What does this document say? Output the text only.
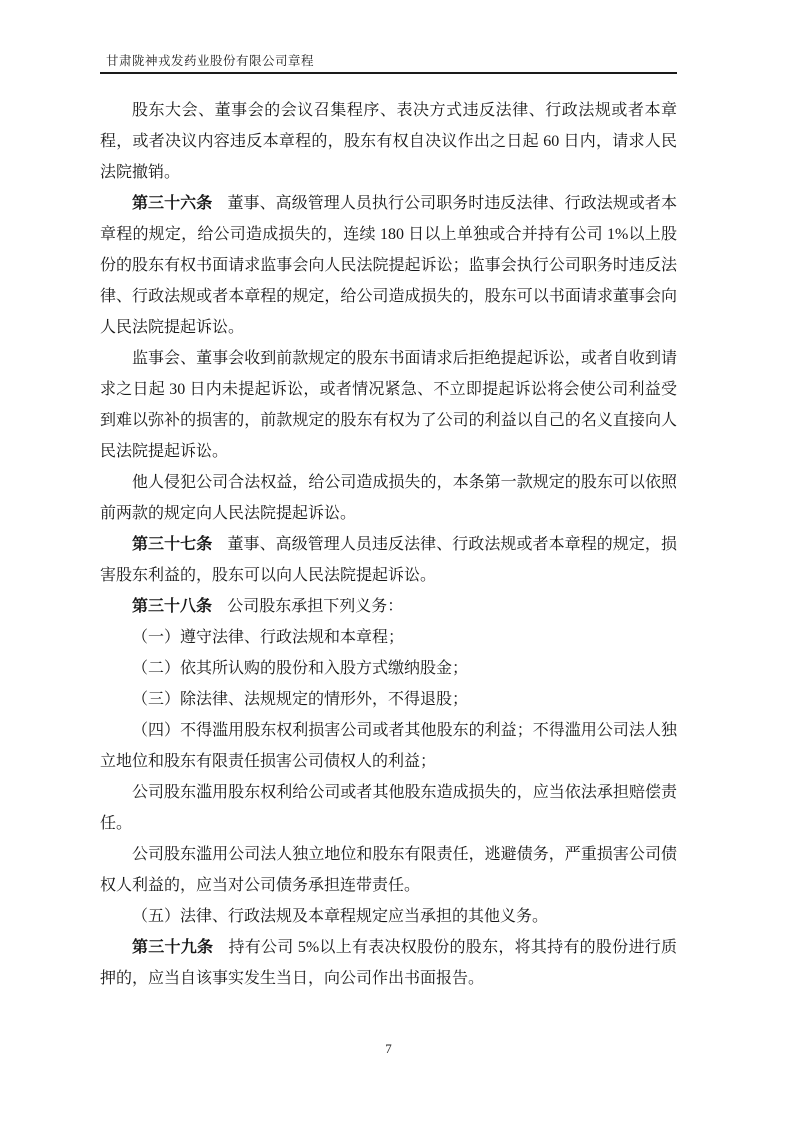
甘肃陇神戎发药业股份有限公司章程

股东大会、董事会的会议召集程序、表决方式违反法律、行政法规或者本章程，或者决议内容违反本章程的，股东有权自决议作出之日起 60 日内，请求人民法院撤销。

第三十六条 董事、高级管理人员执行公司职务时违反法律、行政法规或者本章程的规定，给公司造成损失的，连续 180 日以上单独或合并持有公司 1%以上股份的股东有权书面请求监事会向人民法院提起诉讼；监事会执行公司职务时违反法律、行政法规或者本章程的规定，给公司造成损失的，股东可以书面请求董事会向人民法院提起诉讼。

监事会、董事会收到前款规定的股东书面请求后拒绝提起诉讼，或者自收到请求之日起 30 日内未提起诉讼，或者情况紧急、不立即提起诉讼将会使公司利益受到难以弥补的损害的，前款规定的股东有权为了公司的利益以自己的名义直接向人民法院提起诉讼。

他人侵犯公司合法权益，给公司造成损失的，本条第一款规定的股东可以依照前两款的规定向人民法院提起诉讼。

第三十七条 董事、高级管理人员违反法律、行政法规或者本章程的规定，损害股东利益的，股东可以向人民法院提起诉讼。

第三十八条 公司股东承担下列义务：

（一）遵守法律、行政法规和本章程；

（二）依其所认购的股份和入股方式缴纳股金；

（三）除法律、法规规定的情形外，不得退股；

（四）不得滥用股东权利损害公司或者其他股东的利益；不得滥用公司法人独立地位和股东有限责任损害公司债权人的利益；

公司股东滥用股东权利给公司或者其他股东造成损失的，应当依法承担赔偿责任。

公司股东滥用公司法人独立地位和股东有限责任，逃避债务，严重损害公司债权人利益的，应当对公司债务承担连带责任。

（五）法律、行政法规及本章程规定应当承担的其他义务。

第三十九条 持有公司 5%以上有表决权股份的股东，将其持有的股份进行质押的，应当自该事实发生当日，向公司作出书面报告。

7
